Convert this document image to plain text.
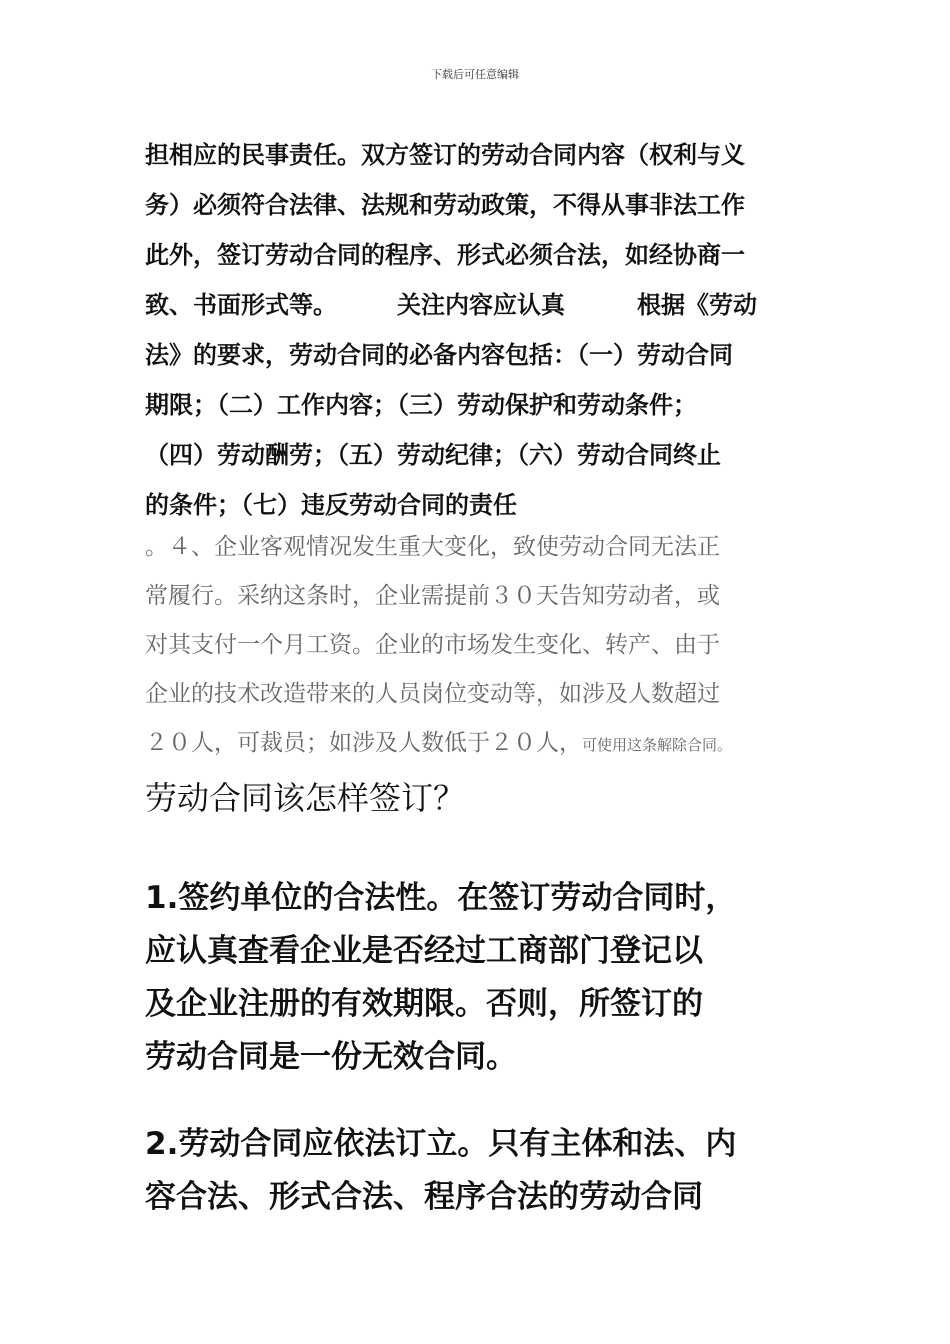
下载后可任意编辑
担相应的民事责任。双方签订的劳动合同内容（权利与义
务）必须符合法律、法规和劳动政策，不得从事非法工作
此外，签订劳动合同的程序、形式必须合法，如经协商一
致、书面形式等。　　　关注内容应认真　　　根据《劳动
法》的要求，劳动合同的必备内容包括：（一）劳动合同
期限；（二）工作内容；（三）劳动保护和劳动条件；
（四）劳动酬劳；（五）劳动纪律；（六）劳动合同终止
的条件；（七）违反劳动合同的责任
。４、企业客观情况发生重大变化，致使劳动合同无法正
常履行。采纳这条时，企业需提前３０天告知劳动者，或
对其支付一个月工资。企业的市场发生变化、转产、由于
企业的技术改造带来的人员岗位变动等，如涉及人数超过
２０人，可裁员；如涉及人数低于２０人，可使用这条解除合同。
劳动合同该怎样签订？
1.签约单位的合法性。在签订劳动合同时，
应认真查看企业是否经过工商部门登记以
及企业注册的有效期限。否则，所签订的
劳动合同是一份无效合同。
2.劳动合同应依法订立。只有主体和法、内
容合法、形式合法、程序合法的劳动合同
